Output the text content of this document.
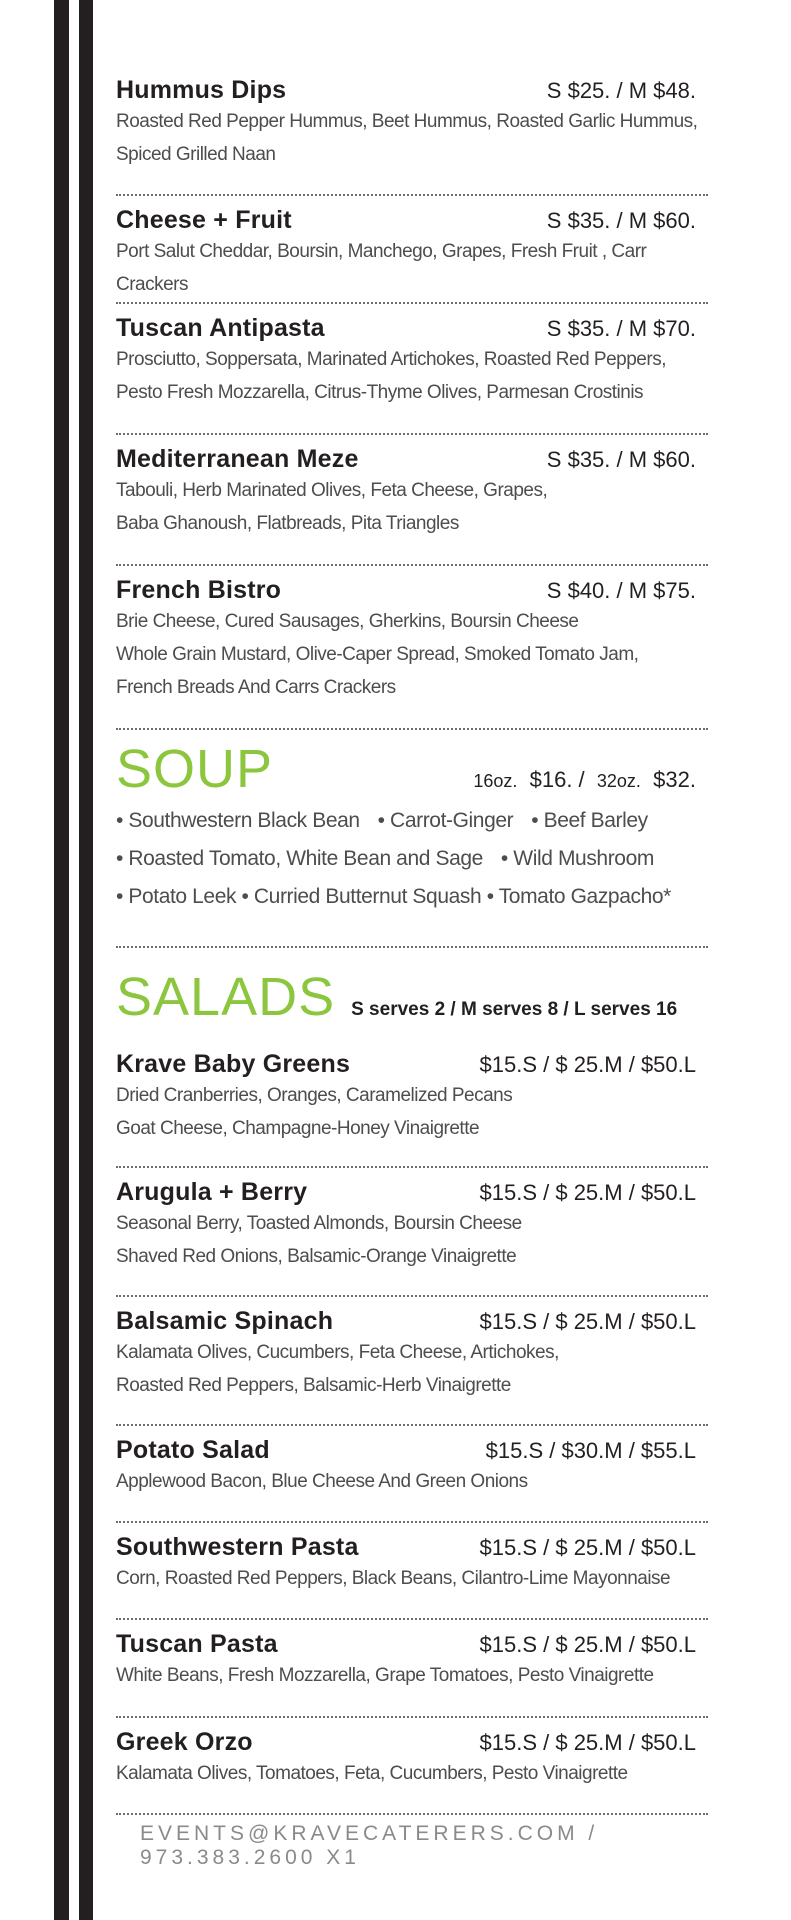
Hummus Dips	S $25. / M $48.
Roasted Red Pepper Hummus, Beet Hummus, Roasted Garlic Hummus,
Spiced Grilled Naan
Cheese + Fruit	S $35. / M $60.
Port Salut Cheddar, Boursin, Manchego, Grapes, Fresh Fruit , Carr Crackers
Tuscan Antipasta	S $35. / M $70.
Prosciutto, Soppersata, Marinated Artichokes, Roasted Red Peppers,
Pesto Fresh Mozzarella, Citrus-Thyme Olives, Parmesan Crostinis
Mediterranean Meze	S $35. / M $60.
Tabouli, Herb Marinated Olives, Feta Cheese, Grapes,
Baba Ghanoush, Flatbreads, Pita Triangles
French Bistro	S $40. / M $75.
Brie Cheese, Cured Sausages, Gherkins, Boursin Cheese
Whole Grain Mustard, Olive-Caper Spread, Smoked Tomato Jam,
French Breads And Carrs Crackers
SOUP	16oz. $16. / 32oz. $32.
• Southwestern Black Bean • Carrot-Ginger • Beef Barley
• Roasted Tomato, White Bean and Sage • Wild Mushroom
• Potato Leek • Curried Butternut Squash • Tomato Gazpacho*
SALADS S serves 2 / M serves 8 / L serves 16
Krave Baby Greens	$15.S / $ 25.M / $50.L
Dried Cranberries, Oranges, Caramelized Pecans
Goat Cheese, Champagne-Honey Vinaigrette
Arugula + Berry	$15.S / $ 25.M / $50.L
Seasonal Berry, Toasted Almonds, Boursin Cheese
Shaved Red Onions, Balsamic-Orange Vinaigrette
Balsamic Spinach	$15.S / $ 25.M / $50.L
Kalamata Olives, Cucumbers, Feta Cheese, Artichokes,
Roasted Red Peppers, Balsamic-Herb Vinaigrette
Potato Salad	$15.S / $30.M / $55.L
Applewood Bacon, Blue Cheese And Green Onions
Southwestern Pasta	$15.S / $ 25.M / $50.L
Corn, Roasted Red Peppers, Black Beans, Cilantro-Lime Mayonnaise
Tuscan Pasta	$15.S / $ 25.M / $50.L
White Beans, Fresh Mozzarella, Grape Tomatoes, Pesto Vinaigrette
Greek Orzo	$15.S / $ 25.M / $50.L
Kalamata Olives, Tomatoes, Feta, Cucumbers, Pesto Vinaigrette
EVENTS@KRAVECATERERS.COM / 973.383.2600 X1
